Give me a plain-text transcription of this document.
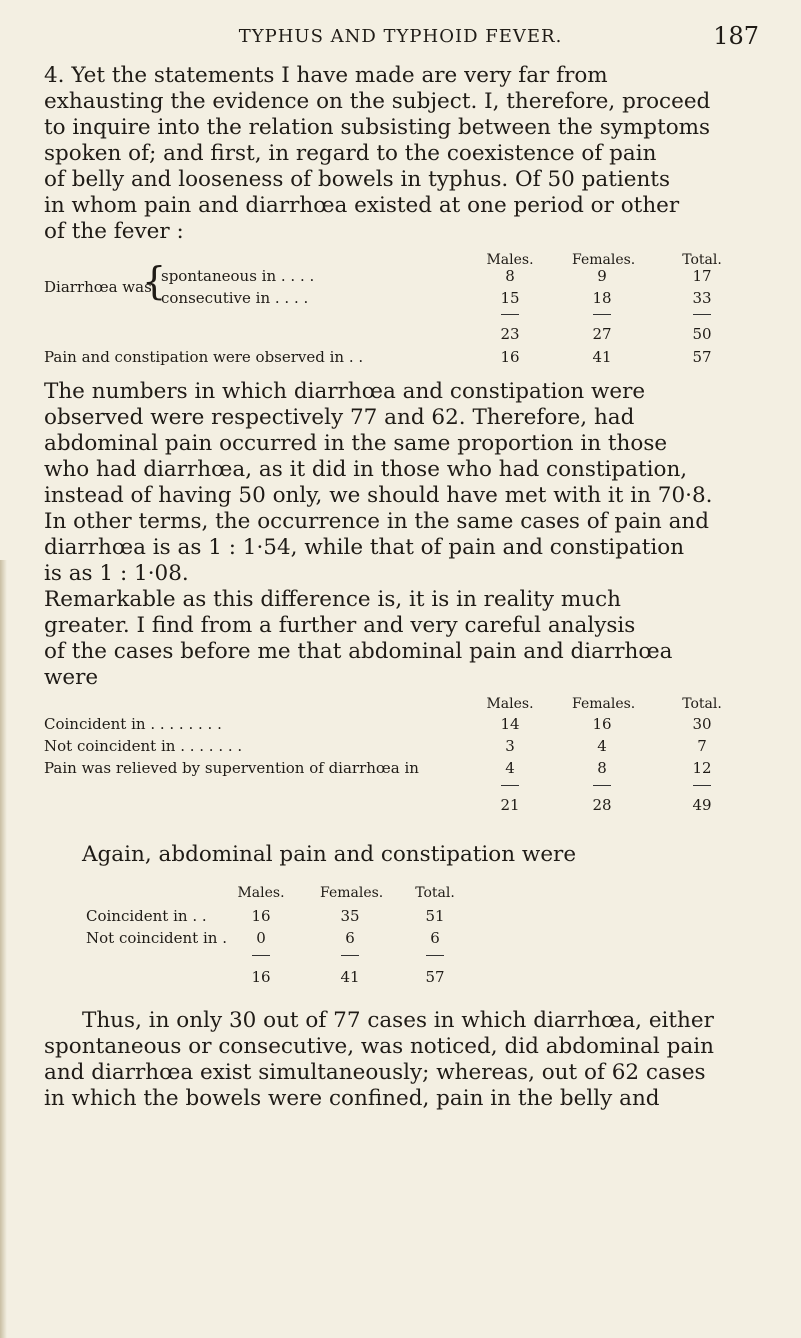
TYPHUS AND TYPHOID FEVER.	187
4. Yet the statements I have made are very far from
exhausting the evidence on the subject. I, therefore, proceed
to inquire into the relation subsisting between the symptoms
spoken of; and first, in regard to the coexistence of pain
of belly and looseness of bowels in typhus. Of 50 patients
in whom pain and diarrhœa existed at one period or other
of the fever :
Males.	Females.	Total.
Diarrhœa was
{
spontaneous in . . . .	8	9	17
consecutive in . . . .	15	18	33
23	27	50
Pain and constipation were observed in . .	16	41	57
The numbers in which diarrhœa and constipation were
observed were respectively 77 and 62. Therefore, had
abdominal pain occurred in the same proportion in those
who had diarrhœa, as it did in those who had constipation,
instead of having 50 only, we should have met with it in 70·8.
In other terms, the occurrence in the same cases of pain and
diarrhœa is as 1 : 1·54, while that of pain and constipation
is as 1 : 1·08.
Remarkable as this difference is, it is in reality much
greater. I find from a further and very careful analysis
of the cases before me that abdominal pain and diarrhœa
were
Males.	Females.	Total.
Coincident in . . . . . . . .	14	16	30
Not coincident in . . . . . . .	3	4	7
Pain was relieved by supervention of diarrhœa in	4	8	12
21	28	49
Again, abdominal pain and constipation were
Males.	Females.	Total.
Coincident in . .	16	35	51
Not coincident in .	0	6	6
16	41	57
Thus, in only 30 out of 77 cases in which diarrhœa, either
spontaneous or consecutive, was noticed, did abdominal pain
and diarrhœa exist simultaneously; whereas, out of 62 cases
in which the bowels were confined, pain in the belly and
